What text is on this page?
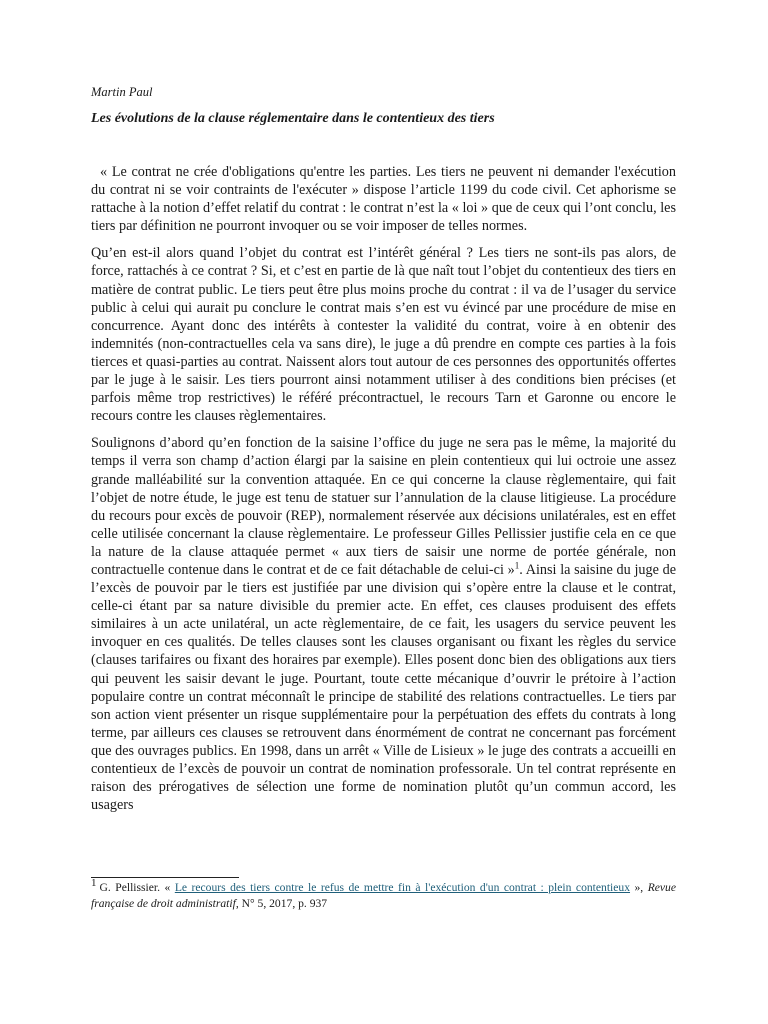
Martin Paul
Les évolutions de la clause réglementaire dans le contentieux des tiers

« Le contrat ne crée d'obligations qu'entre les parties. Les tiers ne peuvent ni demander l'exécution du contrat ni se voir contraints de l'exécuter » dispose l’article 1199 du code civil. Cet aphorisme se rattache à la notion d’effet relatif du contrat : le contrat n’est la « loi » que de ceux qui l’ont conclu, les tiers par définition ne pourront invoquer ou se voir imposer de telles normes.

Qu’en est-il alors quand l’objet du contrat est l’intérêt général ? Les tiers ne sont-ils pas alors, de force, rattachés à ce contrat ? Si, et c’est en partie de là que naît tout l’objet du contentieux des tiers en matière de contrat public. Le tiers peut être plus moins proche du contrat : il va de l’usager du service public à celui qui aurait pu conclure le contrat mais s’en est vu évincé par une procédure de mise en concurrence. Ayant donc des intérêts à contester la validité du contrat, voire à en obtenir des indemnités (non-contractuelles cela va sans dire), le juge a dû prendre en compte ces parties à la fois tierces et quasi-parties au contrat. Naissent alors tout autour de ces personnes des opportunités offertes par le juge à le saisir. Les tiers pourront ainsi notamment utiliser à des conditions bien précises (et parfois même trop restrictives) le référé précontractuel, le recours Tarn et Garonne ou encore le recours contre les clauses règlementaires.

Soulignons d’abord qu’en fonction de la saisine l’office du juge ne sera pas le même, la majorité du temps il verra son champ d’action élargi par la saisine en plein contentieux qui lui octroie une assez grande malléabilité sur la convention attaquée. En ce qui concerne la clause règlementaire, qui fait l’objet de notre étude, le juge est tenu de statuer sur l’annulation de la clause litigieuse. La procédure du recours pour excès de pouvoir (REP), normalement réservée aux décisions unilatérales, est en effet celle utilisée concernant la clause règlementaire. Le professeur Gilles Pellissier justifie cela en ce que la nature de la clause attaquée permet « aux tiers de saisir une norme de portée générale, non contractuelle contenue dans le contrat et de ce fait détachable de celui-ci »$^1$. Ainsi la saisine du juge de l’excès de pouvoir par le tiers est justifiée par une division qui s’opère entre la clause et le contrat, celle-ci étant par sa nature divisible du premier acte. En effet, ces clauses produisent des effets similaires à un acte unilatéral, un acte règlementaire, de ce fait, les usagers du service peuvent les invoquer en ces qualités. De telles clauses sont les clauses organisant ou fixant les règles du service (clauses tarifaires ou fixant des horaires par exemple). Elles posent donc bien des obligations aux tiers qui peuvent les saisir devant le juge. Pourtant, toute cette mécanique d’ouvrir le prétoire à l’action populaire contre un contrat méconnaît le principe de stabilité des relations contractuelles. Le tiers par son action vient présenter un risque supplémentaire pour la perpétuation des effets du contrats à long terme, par ailleurs ces clauses se retrouvent dans énormément de contrat ne concernant pas forcément que des ouvrages publics. En 1998, dans un arrêt « Ville de Lisieux » le juge des contrats a accueilli en contentieux de l’excès de pouvoir un contrat de nomination professorale. Un tel contrat représente en raison des prérogatives de sélection une forme de nomination plutôt qu’un commun accord, les usagers

1 G. Pellissier. « Le recours des tiers contre le refus de mettre fin à l'exécution d'un contrat : plein contentieux », Revue française de droit administratif, N° 5, 2017, p. 937
